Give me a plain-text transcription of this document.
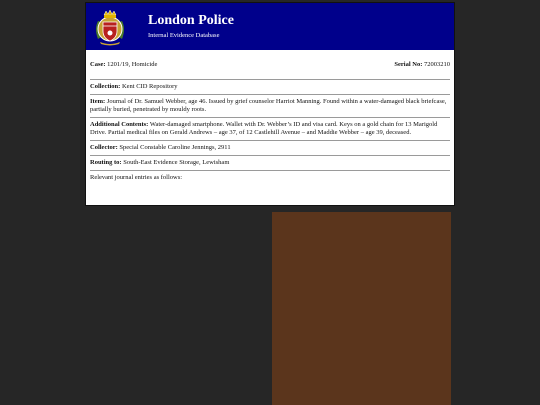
London Police
Internal Evidence Database
Case: 1201/19, Homicide	Serial No: 72003210
Collection: Kent CID Repository
Item: Journal of Dr. Samuel Webber, age 46. Issued by grief counselor Harriot Manning. Found within a water-damaged black briefcase, partially buried, penetrated by mouldy roots.
Additional Contents: Water-damaged smartphone. Wallet with Dr. Webber’s ID and visa card. Keys on a gold chain for 13 Marigold Drive. Partial medical files on Gerald Andrews – age 37, of 12 Castlehill Avenue – and Maddie Webber – age 39, deceased.
Collector: Special Constable Caroline Jennings, 2911
Routing to: South-East Evidence Storage, Lewisham
Relevant journal entries as follows:
